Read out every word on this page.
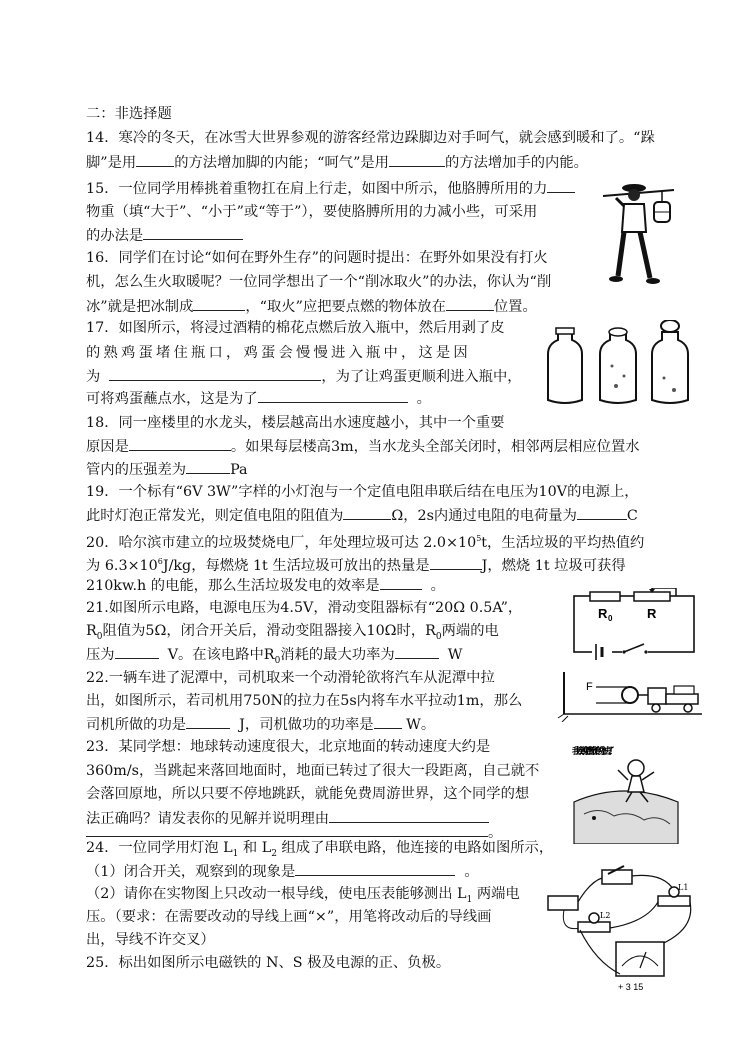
二：非选择题
14．寒冷的冬天，在冰雪大世界参观的游客经常边跺脚边对手呵气，就会感到暖和了。“跺
脚”是用	的方法增加脚的内能；“呵气”是用	的方法增加手的内能。
15．一位同学用棒挑着重物扛在肩上行走，如图中所示，他胳膊所用的力
物重（填“大于”、“小于”或“等于”），要使胳膊所用的力减小些，可采用
的办法是
16．同学们在讨论“如何在野外生存”的问题时提出：在野外如果没有打火
机，怎么生火取暖呢？一位同学想出了一个“削冰取火”的办法，你认为“削
冰”就是把冰制成	，“取火”应把要点燃的物体放在	位置。
17．如图所示，将浸过酒精的棉花点燃后放入瓶中，然后用剥了皮
的熟鸡蛋堵住瓶口，鸡蛋会慢慢进入瓶中，这是因
为	，为了让鸡蛋更顺利进入瓶中，
可将鸡蛋蘸点水，这是为了	。
18．同一座楼里的水龙头，楼层越高出水速度越小，其中一个重要
原因是	。如果每层楼高3m，当水龙头全部关闭时，相邻两层相应位置水
管内的压强差为	Pa
19．一个标有“6V 3W”字样的小灯泡与一个定值电阻串联后结在电压为10V的电源上，
此时灯泡正常发光，则定值电阻的阻值为	Ω，2s内通过电阻的电荷量为	C
20．哈尔滨市建立的垃圾焚烧电厂，年处理垃圾可达 $2.0\times 10^5t$，生活垃圾的平均热值约
为 $6.3\times 10^6J/kg$，每燃烧 1t 生活垃圾可放出的热量是	J，燃烧 1t 垃圾可获得
210kw.h 的电能，那么生活垃圾发电的效率是	。
21.如图所示电路，电源电压为4.5V，滑动变阻器标有“20Ω 0.5A”，
$R_0$阻值为5Ω，闭合开关后，滑动变阻器接入10Ω时，$R_0$两端的电
压为	V。在该电路中$R_0$消耗的最大功率为	W
R 0	R
22.一辆车进了泥潭中，司机取来一个动滑轮欲将汽车从泥潭中拉
出，如图所示，若司机用750N的拉力在5s内将车水平拉动1m，那么
司机所做的功是	J，司机做功的功率是 W。
F
23．某同学想：地球转动速度很大，北京地面的转动速度大约是
360m/s，当跳起来落回地面时，地面已转过了很大一段距离，自己就不
会落回原地，所以只要不停地跳跃，就能免费周游世界，这个同学的想
法正确吗？请发表你的见解并说明理由
。
我找到免费旅游的办法了！
24．一位同学用灯泡 $L_1$ 和 $L_2$ 组成了串联电路，他连接的电路如图所示，
（1）闭合开关，观察到的现象是	。
（2）请你在实物图上只改动一根导线，使电压表能够测出 $L_1$ 两端电
压。（要求：在需要改动的导线上画“×”，用笔将改动后的导线画
出，导线不许交叉）
L1
L2
+ 3 15
25．标出如图所示电磁铁的 N、S 极及电源的正、负极。
